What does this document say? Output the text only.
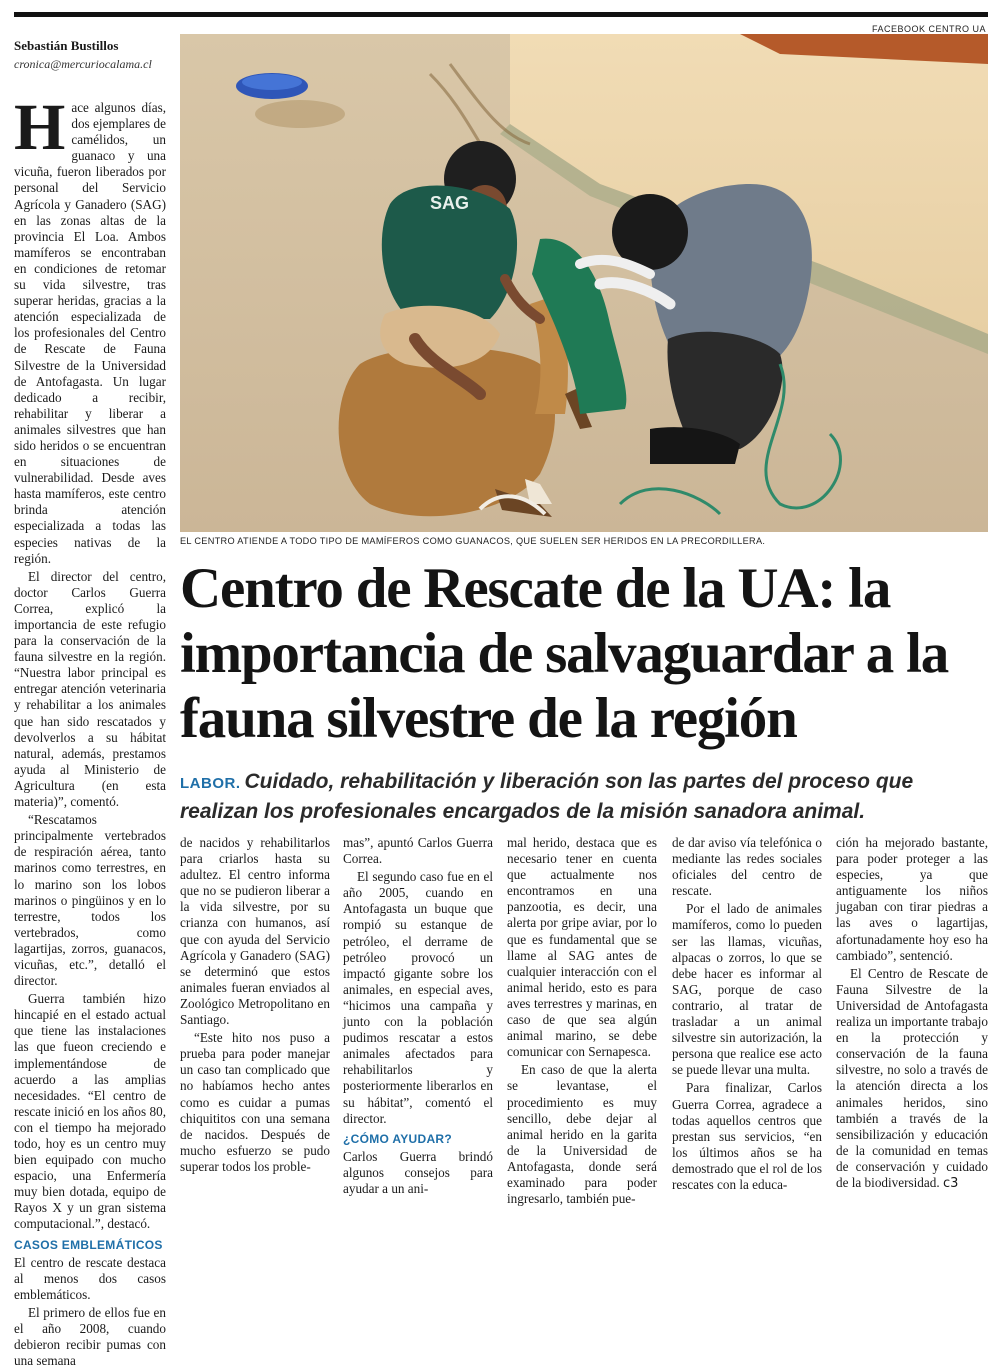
Sebastián Bustillos
cronica@mercuriocalama.cl
FACEBOOK CENTRO UA

Hace algunos días, dos ejemplares de camélidos, un guanaco y una vicuña, fueron liberados por personal del Servicio Agrícola y Ganadero (SAG) en las zonas altas de la provincia El Loa. Ambos mamíferos se encontraban en condiciones de retomar su vida silvestre, tras superar heridas, gracias a la atención especializada de los profesionales del Centro de Rescate de Fauna Silvestre de la Universidad de Antofagasta. Un lugar dedicado a recibir, rehabilitar y liberar a animales silvestres que han sido heridos o se encuentran en situaciones de vulnerabilidad. Desde aves hasta mamíferos, este centro brinda atención especializada a todas las especies nativas de la región.

El director del centro, doctor Carlos Guerra Correa, explicó la importancia de este refugio para la conservación de la fauna silvestre en la región. “Nuestra labor principal es entregar atención veterinaria y rehabilitar a los animales que han sido rescatados y devolverlos a su hábitat natural, además, prestamos ayuda al Ministerio de Agricultura (en esta materia)”, comentó.

“Rescatamos principalmente vertebrados de respiración aérea, tanto marinos como terrestres, en lo marino son los lobos marinos o pingüinos y en lo terrestre, todos los vertebrados, como lagartijas, zorros, guanacos, vicuñas, etc.”, detalló el director.

Guerra también hizo hincapié en el estado actual que tiene las instalaciones las que fueon creciendo e implementándose de acuerdo a las amplias necesidades. “El centro de rescate inició en los años 80, con el tiempo ha mejorado todo, hoy es un centro muy bien equipado con mucho espacio, una Enfermería muy bien dotada, equipo de Rayos X y un gran sistema computacional.”, destacó.

CASOS EMBLEMÁTICOS

El centro de rescate destaca al menos dos casos emblemáticos.

El primero de ellos fue en el año 2008, cuando debieron recibir pumas con una semana

SAG
EL CENTRO ATIENDE A TODO TIPO DE MAMÍFEROS COMO GUANACOS, QUE SUELEN SER HERIDOS EN LA PRECORDILLERA.
Centro de Rescate de la UA: la importancia de salvaguardar a la fauna silvestre de la región
LABOR. Cuidado, rehabilitación y liberación son las partes del proceso que realizan los profesionales encargados de la misión sanadora animal.

de nacidos y rehabilitarlos para criarlos hasta su adultez. El centro informa que no se pudieron liberar a la vida silvestre, por su crianza con humanos, así que con ayuda del Servicio Agrícola y Ganadero (SAG) se determinó que estos animales fueran enviados al Zoológico Metropolitano en Santiago.

“Este hito nos puso a prueba para poder manejar un caso tan complicado que no habíamos hecho antes como es cuidar a pumas chiquititos con una semana de nacidos. Después de mucho esfuerzo se pudo superar todos los proble-

mas”, apuntó Carlos Guerra Correa.

El segundo caso fue en el año 2005, cuando en Antofagasta un buque que rompió su estanque de petróleo, el derrame de petróleo provocó un impactó gigante sobre los animales, en especial aves, “hicimos una campaña y junto con la población pudimos rescatar a estos animales afectados para rehabilitarlos y posteriormente liberarlos en su hábitat”, comentó el director.

¿CÓMO AYUDAR?

Carlos Guerra brindó algunos consejos para ayudar a un ani-

mal herido, destaca que es necesario tener en cuenta que actualmente nos encontramos en una panzootia, es decir, una alerta por gripe aviar, por lo que es fundamental que se llame al SAG antes de cualquier interacción con el animal herido, esto es para aves terrestres y marinas, en caso de que sea algún animal marino, se debe comunicar con Sernapesca.

En caso de que la alerta se levantase, el procedimiento es muy sencillo, debe dejar al animal herido en la garita de la Universidad de Antofagasta, donde será examinado para poder ingresarlo, también pue-

de dar aviso vía telefónica o mediante las redes sociales oficiales del centro de rescate.

Por el lado de animales mamíferos, como lo pueden ser las llamas, vicuñas, alpacas o zorros, lo que se debe hacer es informar al SAG, porque de caso contrario, al tratar de trasladar a un animal silvestre sin autorización, la persona que realice ese acto se puede llevar una multa.

Para finalizar, Carlos Guerra Correa, agradece a todas aquellos centros que prestan sus servicios, “en los últimos años se ha demostrado que el rol de los rescates con la educa-

ción ha mejorado bastante, para poder proteger a las especies, ya que antiguamente los niños jugaban con tirar piedras a las aves o lagartijas, afortunadamente hoy eso ha cambiado”, sentenció.

El Centro de Rescate de Fauna Silvestre de la Universidad de Antofagasta realiza un importante trabajo en la protección y conservación de la fauna silvestre, no solo a través de la atención directa a los animales heridos, sino también a través de la sensibilización y educación de la comunidad en temas de conservación y cuidado de la biodiversidad. c3
